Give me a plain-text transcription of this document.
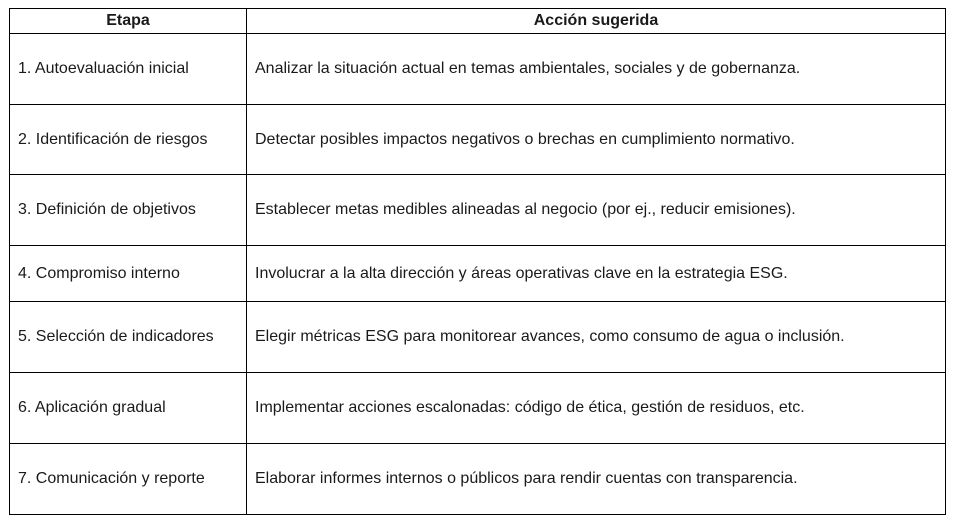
Etapa	Acción sugerida
1. Autoevaluación inicial	Analizar la situación actual en temas ambientales, sociales y de gobernanza.
2. Identificación de riesgos	Detectar posibles impactos negativos o brechas en cumplimiento normativo.
3. Definición de objetivos	Establecer metas medibles alineadas al negocio (por ej., reducir emisiones).
4. Compromiso interno	Involucrar a la alta dirección y áreas operativas clave en la estrategia ESG.
5. Selección de indicadores	Elegir métricas ESG para monitorear avances, como consumo de agua o inclusión.
6. Aplicación gradual	Implementar acciones escalonadas: código de ética, gestión de residuos, etc.
7. Comunicación y reporte	Elaborar informes internos o públicos para rendir cuentas con transparencia.
